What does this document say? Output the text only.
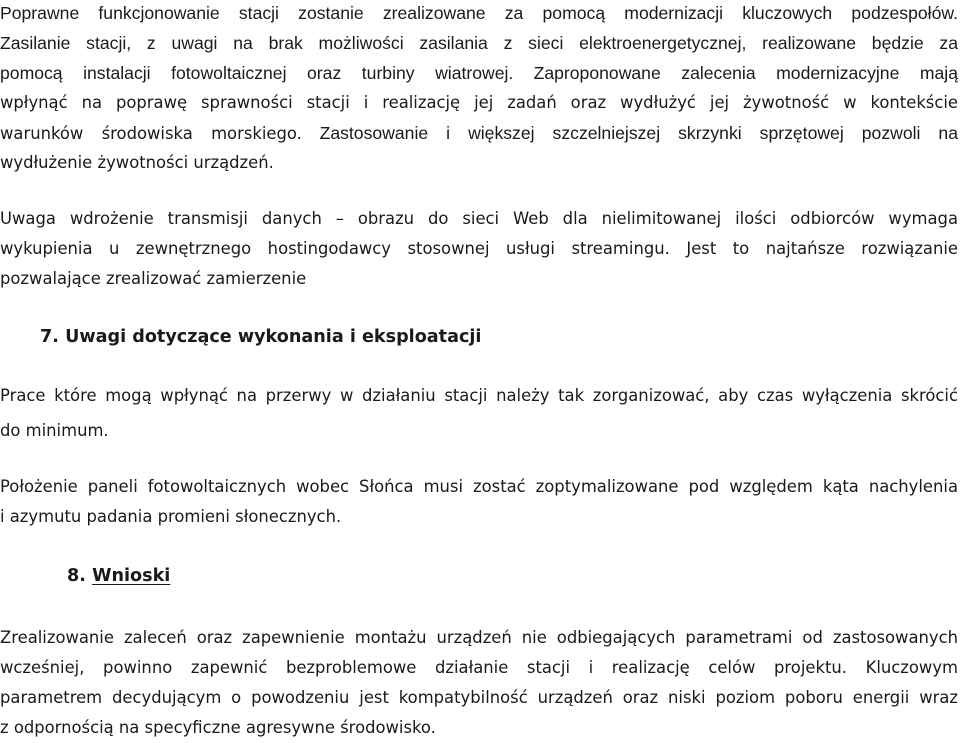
Poprawne funkcjonowanie stacji zostanie zrealizowane za pomocą modernizacji kluczowych podzespołów.
Zasilanie stacji, z uwagi na brak możliwości zasilania z sieci elektroenergetycznej, realizowane będzie za
pomocą instalacji fotowoltaicznej oraz turbiny wiatrowej. Zaproponowane zalecenia modernizacyjne mają
wpłynąć na poprawę sprawności stacji i realizację jej zadań oraz wydłużyć jej żywotność w kontekście
warunków środowiska morskiego. Zastosowanie i większej szczelniejszej skrzynki sprzętowej pozwoli na
wydłużenie żywotności urządzeń.
Uwaga wdrożenie transmisji danych – obrazu do sieci Web dla nielimitowanej ilości odbiorców wymaga
wykupienia u zewnętrznego hostingodawcy stosownej usługi streamingu. Jest to najtańsze rozwiązanie
pozwalające zrealizować zamierzenie
7. Uwagi dotyczące wykonania i eksploatacji
Prace które mogą wpłynąć na przerwy w działaniu stacji należy tak zorganizować, aby czas wyłączenia skrócić
do minimum.
Położenie paneli fotowoltaicznych wobec Słońca musi zostać zoptymalizowane pod względem kąta nachylenia
i azymutu padania promieni słonecznych.
8. Wnioski
Zrealizowanie zaleceń oraz zapewnienie montażu urządzeń nie odbiegających parametrami od zastosowanych
wcześniej, powinno zapewnić bezproblemowe działanie stacji i realizację celów projektu. Kluczowym
parametrem decydującym o powodzeniu jest kompatybilność urządzeń oraz niski poziom poboru energii wraz
z odpornością na specyficzne agresywne środowisko.
